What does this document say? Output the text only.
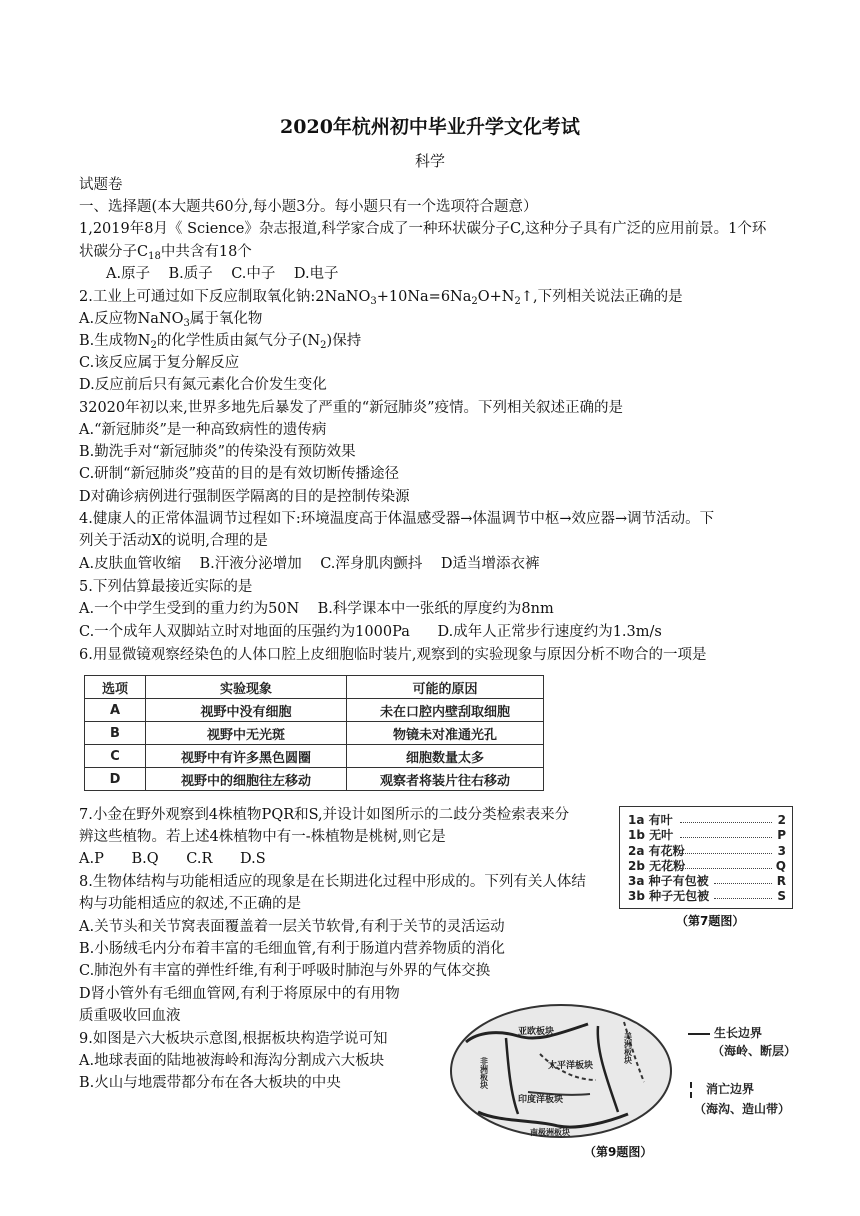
2020年杭州初中毕业升学文化考试
科学
试题卷
一、选择题(本大题共60分,每小题3分。每小题只有一个选项符合题意）
1,2019年8月《 Science》杂志报道,科学家合成了一种环状碳分子C,这种分子具有广泛的应用前景。1个环
状碳分子$C_{18}$中共含有18个
A.原子    B.质子    C.中子    D.电子
2.工业上可通过如下反应制取氧化钠$:2NaNO_3+10Na=6Na_2O+N_2↑$,下列相关说法正确的是
A.反应物NaNO$_3$属于氧化物
B.生成物$N_2$的化学性质由氮气分子$(N_2)$保持
C.该反应属于复分解反应
D.反应前后只有氮元素化合价发生变化
32020年初以来,世界多地先后暴发了严重的“新冠肺炎”疫情。下列相关叙述正确的是
A.“新冠肺炎”是一种高致病性的遗传病
B.勤洗手对“新冠肺炎”的传染没有预防效果
C.研制“新冠肺炎”疫苗的目的是有效切断传播途径
D对确诊病例进行强制医学隔离的目的是控制传染源
4.健康人的正常体温调节过程如下:环境温度高于体温感受器→体温调节中枢→效应器→调节活动。下
列关于活动X的说明,合理的是
A.皮肤血管收缩    B.汗液分泌增加    C.浑身肌肉颤抖    D适当增添衣裤
5.下列估算最接近实际的是
A.一个中学生受到的重力约为50N    B.科学课本中一张纸的厚度约为8nm
C.一个成年人双脚站立时对地面的压强约为1000Pa      D.成年人正常步行速度约为1.3m/s
6.用显微镜观察经染色的人体口腔上皮细胞临时装片,观察到的实验现象与原因分析不吻合的一项是
选项	实验现象	可能的原因
A	视野中没有细胞	未在口腔内壁刮取细胞
B	视野中无光斑	物镜未对准通光孔
C	视野中有许多黑色圆圈	细胞数量太多
D	视野中的细胞往左移动	观察者将装片往右移动
7.小金在野外观察到4株植物PQR和S,并设计如图所示的二歧分类检索表来分
辨这些植物。若上述4株植物中有一-株植物是桃树,则它是
A.P      B.Q      C.R      D.S
1a 有叶	2
1b 无叶	P
2a 有花粉	3
2b 无花粉	Q
3a 种子有包被	R
3b 种子无包被	S
（第7题图）
8.生物体结构与功能相适应的现象是在长期进化过程中形成的。下列有关人体结
构与功能相适应的叙述,不正确的是
A.关节头和关节窝表面覆盖着一层关节软骨,有利于关节的灵活运动
B.小肠绒毛内分布着丰富的毛细血管,有利于肠道内营养物质的消化
C.肺泡外有丰富的弹性纤维,有利于呼吸时肺泡与外界的气体交换
D肾小管外有毛细血管网,有利于将原尿中的有用物
质重吸收回血液
9.如图是六大板块示意图,根据板块构造学说可知
A.地球表面的陆地被海岭和海沟分割成六大板块
B.火山与地震带都分布在各大板块的中央
亚欧板块
太平洋板块
印度洋板块
南极洲板块
非洲板块
美洲板块	生长边界
（海岭、断层）
消亡边界
（海沟、造山带）
（第9题图）
